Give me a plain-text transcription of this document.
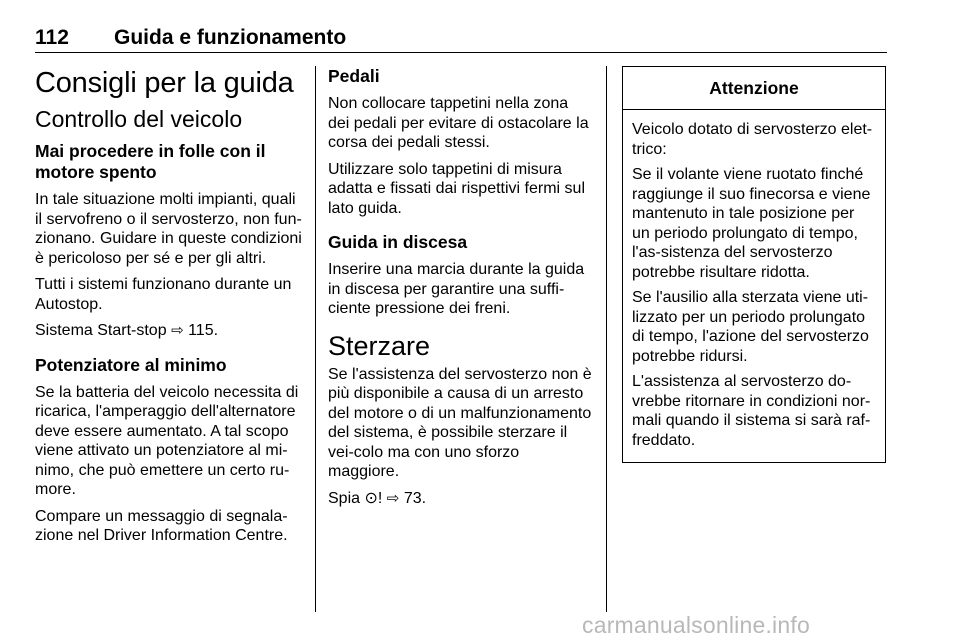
112 Guida e funzionamento
Consigli per la guida
Controllo del veicolo
Mai procedere in folle con il motore spento

In tale situazione molti impianti, quali il servofreno o il servosterzo, non fun-zionano. Guidare in queste condizioni è pericoloso per sé e per gli altri.

Tutti i sistemi funzionano durante un Autostop.

Sistema Start-stop ⇨ 115.

Potenziatore al minimo

Se la batteria del veicolo necessita di ricarica, l'amperaggio dell'alternatore deve essere aumentato. A tal scopo viene attivato un potenziatore al mi-nimo, che può emettere un certo ru-more.

Compare un messaggio di segnala-zione nel Driver Information Centre.

Pedali

Non collocare tappetini nella zona dei pedali per evitare di ostacolare la corsa dei pedali stessi.

Utilizzare solo tappetini di misura adatta e fissati dai rispettivi fermi sul lato guida.

Guida in discesa

Inserire una marcia durante la guida in discesa per garantire una suffi-ciente pressione dei freni.

Sterzare

Se l'assistenza del servosterzo non è più disponibile a causa di un arresto del motore o di un malfunzionamento del sistema, è possibile sterzare il vei-colo ma con uno sforzo maggiore.

Spia ⊙! ⇨ 73.

Attenzione

Veicolo dotato di servosterzo elet-trico:

Se il volante viene ruotato finché raggiunge il suo finecorsa e viene mantenuto in tale posizione per un periodo prolungato di tempo, l'as-sistenza del servosterzo potrebbe risultare ridotta.

Se l'ausilio alla sterzata viene uti-lizzato per un periodo prolungato di tempo, l'azione del servosterzo potrebbe ridursi.

L'assistenza al servosterzo do-vrebbe ritornare in condizioni nor-mali quando il sistema si sarà raf-freddato.

carmanualsonline.info
